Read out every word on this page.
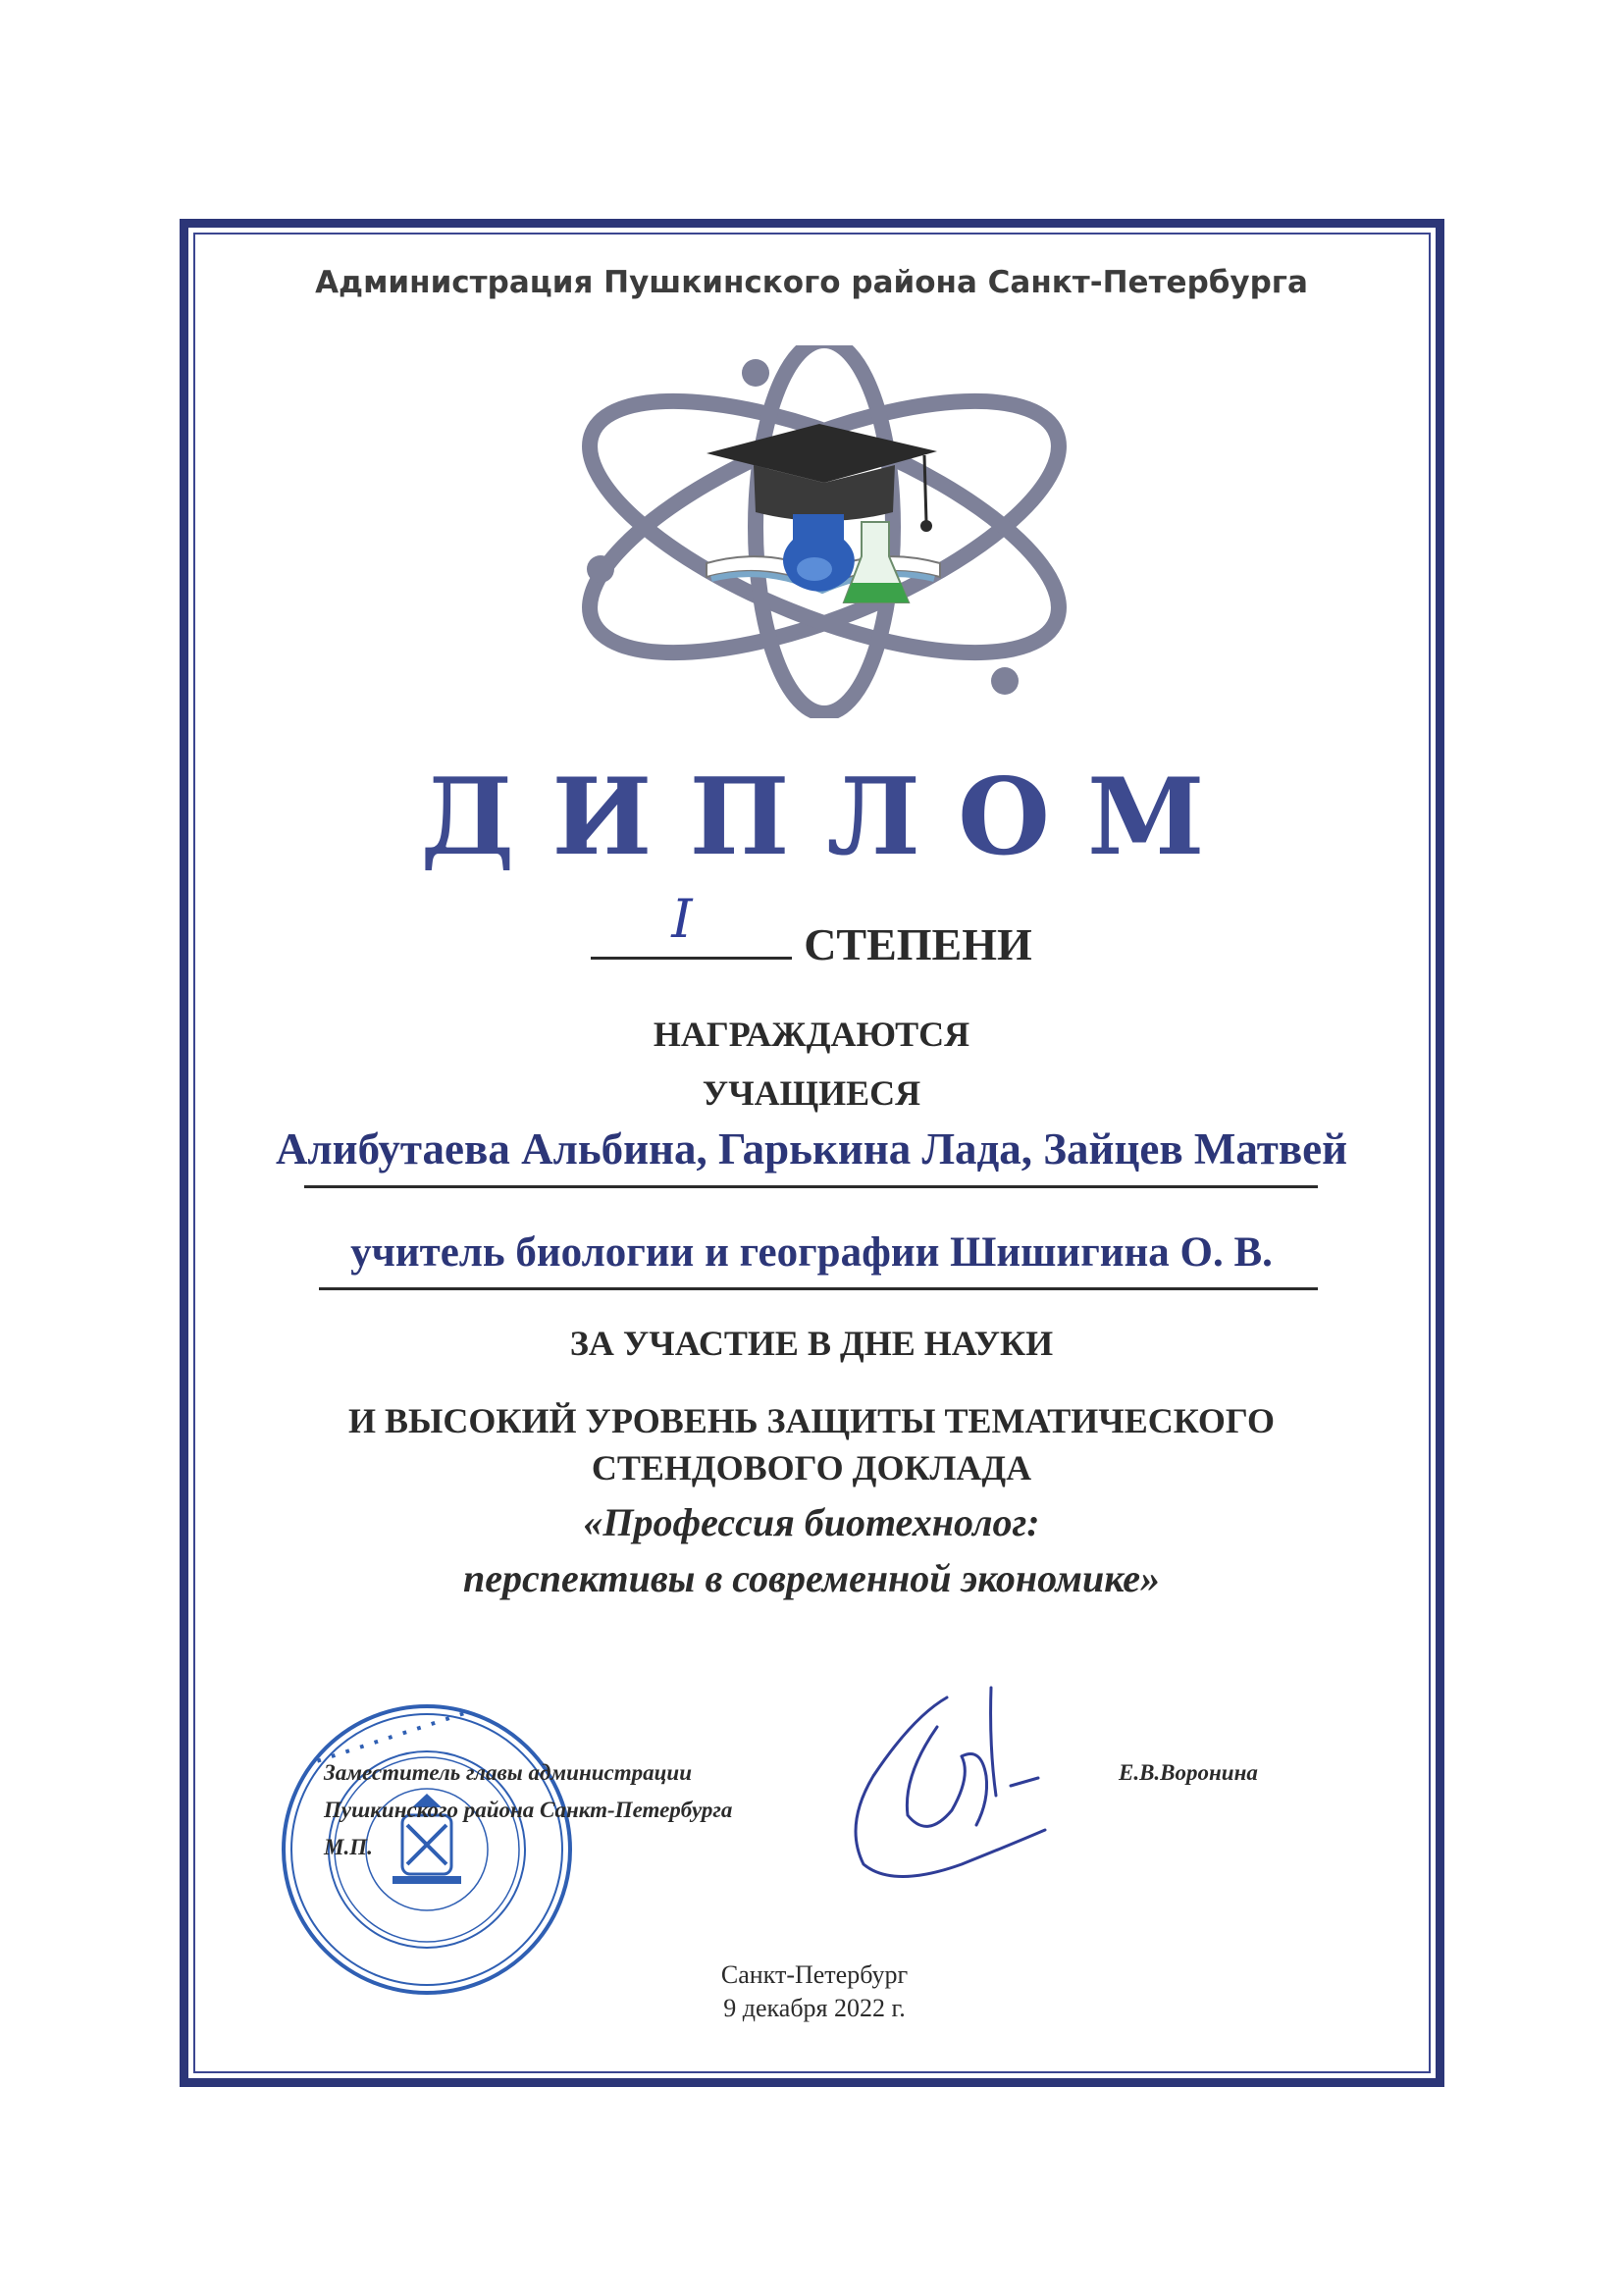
Администрация Пушкинского района Санкт-Петербурга
ДИПЛОМ
I СТЕПЕНИ
НАГРАЖДАЮТСЯ
УЧАЩИЕСЯ
Алибутаева Альбина, Гарькина Лада, Зайцев Матвей
учитель биологии и географии Шишигина О. В.
ЗА УЧАСТИЕ В ДНЕ НАУКИ
И ВЫСОКИЙ УРОВЕНЬ ЗАЩИТЫ ТЕМАТИЧЕСКОГО
СТЕНДОВОГО ДОКЛАДА
«Профессия биотехнолог:
перспективы в современной экономике»
· · · · · · · · · · ·
Заместитель главы администрации
Пушкинского района Санкт-Петербурга
М.П.
Е.В.Воронина
Санкт-Петербург
9 декабря 2022 г.
